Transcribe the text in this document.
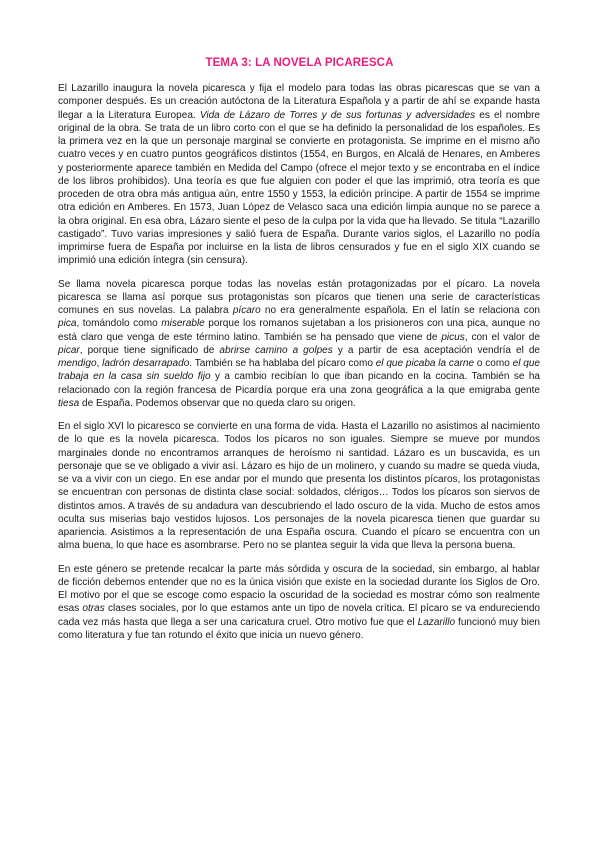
TEMA 3: LA NOVELA PICARESCA

El Lazarillo inaugura la novela picaresca y fija el modelo para todas las obras picarescas que se van a componer después. Es un creación autóctona de la Literatura Española y a partir de ahí se expande hasta llegar a la Literatura Europea. Vida de Lázaro de Torres y de sus fortunas y adversidades es el nombre original de la obra. Se trata de un libro corto con el que se ha definido la personalidad de los españoles. Es la primera vez en la que un personaje marginal se convierte en protagonista. Se imprime en el mismo año cuatro veces y en cuatro puntos geográficos distintos (1554, en Burgos, en Alcalá de Henares, en Amberes y posteriormente aparece también en Medida del Campo (ofrece el mejor texto y se encontraba en el índice de los libros prohibidos). Una teoría es que fue alguien con poder el que las imprimió, otra teoría es que proceden de otra obra más antigua aún, entre 1550 y 1553, la edición príncipe. A partir de 1554 se imprime otra edición en Amberes. En 1573, Juan López de Velasco saca una edición limpia aunque no se parece a la obra original. En esa obra, Lázaro siente el peso de la culpa por la vida que ha llevado. Se titula “Lazarillo castigado”. Tuvo varias impresiones y salió fuera de España. Durante varios siglos, el Lazarillo no podía imprimirse fuera de España por incluirse en la lista de libros censurados y fue en el siglo XIX cuando se imprimió una edición íntegra (sin censura).

Se llama novela picaresca porque todas las novelas están protagonizadas por el pícaro. La novela picaresca se llama así porque sus protagonistas son pícaros que tienen una serie de características comunes en sus novelas. La palabra pícaro no era generalmente española. En el latín se relaciona con pica, tomándolo como miserable porque los romanos sujetaban a los prisioneros con una pica, aunque no está claro que venga de este término latino. También se ha pensado que viene de picus, con el valor de picar, porque tiene significado de abrirse camino a golpes y a partir de esa aceptación vendría el de mendigo, ladrón desarrapado. También se ha hablaba del pícaro como el que picaba la carne o como el que trabaja en la casa sin sueldo fijo y a cambio recibían lo que iban picando en la cocina. También se ha relacionado con la región francesa de Picardía porque era una zona geográfica a la que emigraba gente tiesa de España. Podemos observar que no queda claro su origen.

En el siglo XVI lo picaresco se convierte en una forma de vida. Hasta el Lazarillo no asistimos al nacimiento de lo que es la novela picaresca. Todos los pícaros no son iguales. Siempre se mueve por mundos marginales donde no encontramos arranques de heroísmo ni santidad. Lázaro es un buscavida, es un personaje que se ve obligado a vivir así. Lázaro es hijo de un molinero, y cuando su madre se queda viuda, se va a vivir con un ciego. En ese andar por el mundo que presenta los distintos pícaros, los protagonistas se encuentran con personas de distinta clase social: soldados, clérigos… Todos los pícaros son siervos de distintos amos. A través de su andadura van descubriendo el lado oscuro de la vida. Mucho de estos amos oculta sus miserias bajo vestidos lujosos. Los personajes de la novela picaresca tienen que guardar su apariencia. Asistimos a la representación de una España oscura. Cuando el pícaro se encuentra con un alma buena, lo que hace es asombrarse. Pero no se plantea seguir la vida que lleva la persona buena.

En este género se pretende recalcar la parte más sórdida y oscura de la sociedad, sin embargo, al hablar de ficción debemos entender que no es la única visión que existe en la sociedad durante los Siglos de Oro. El motivo por el que se escoge como espacio la oscuridad de la sociedad es mostrar cómo son realmente esas otras clases sociales, por lo que estamos ante un tipo de novela crítica. El pícaro se va endureciendo cada vez más hasta que llega a ser una caricatura cruel. Otro motivo fue que el Lazarillo funcionó muy bien como literatura y fue tan rotundo el éxito que inicia un nuevo género.
